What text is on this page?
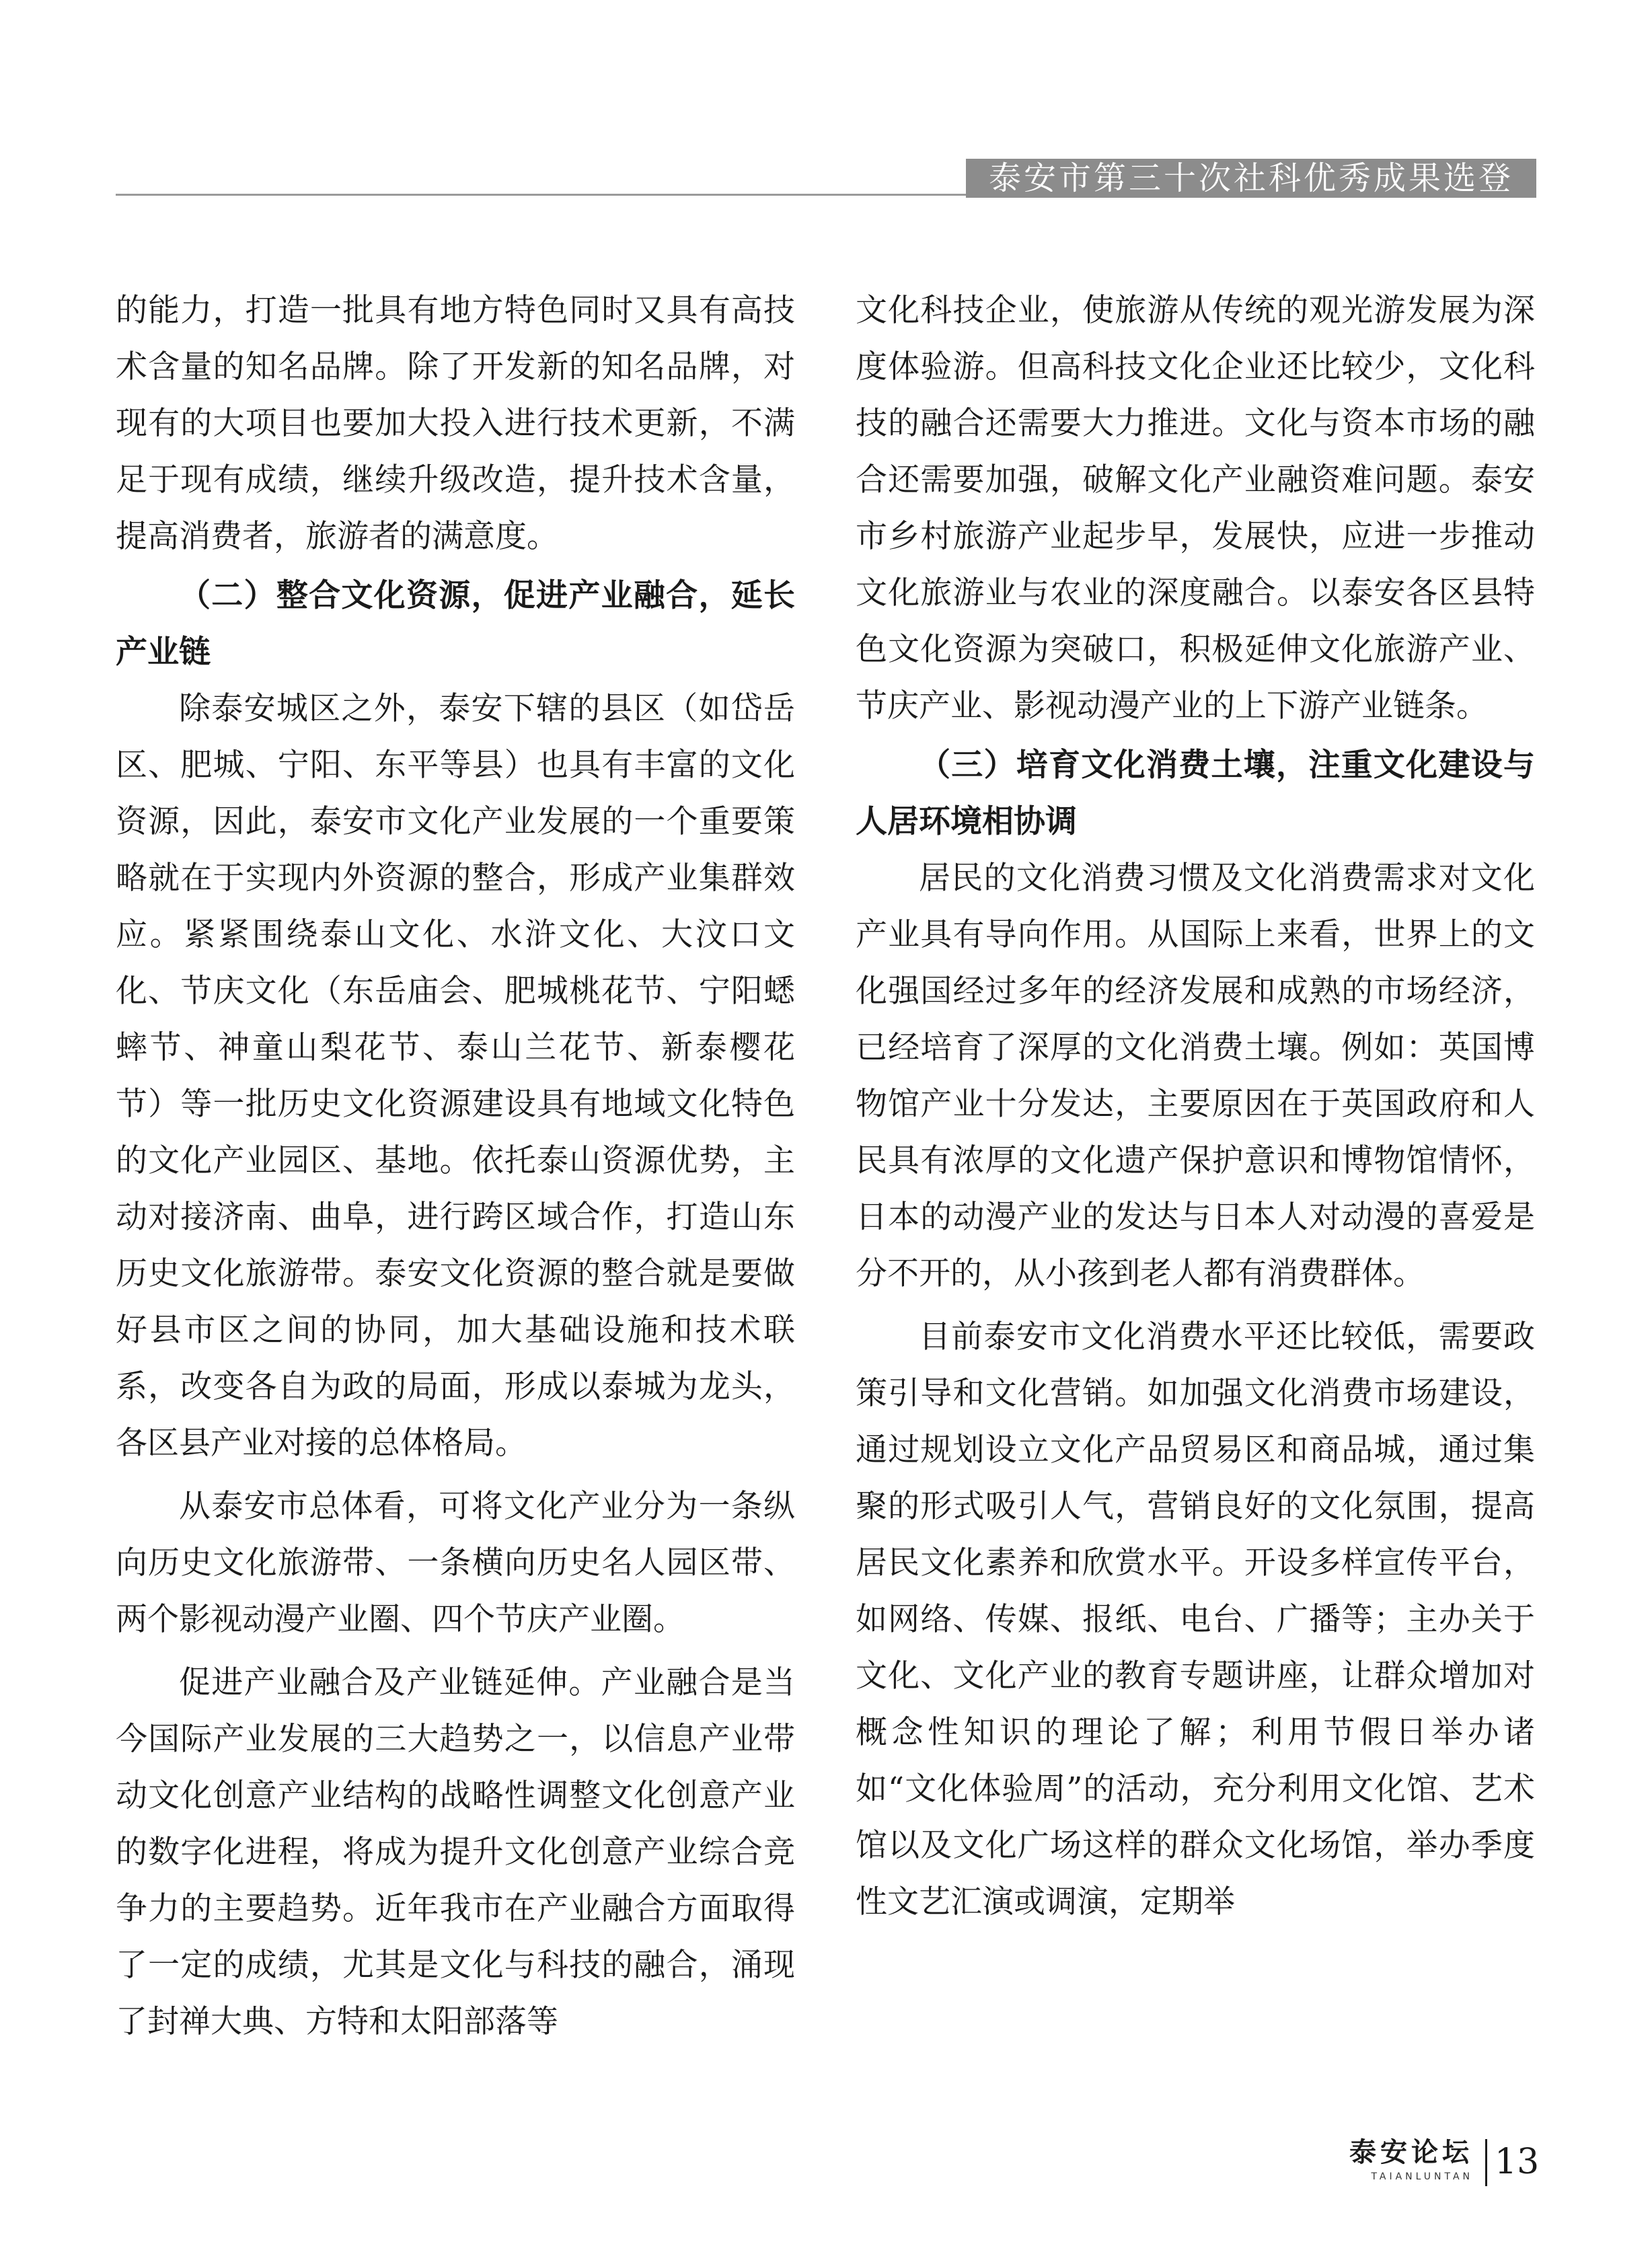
泰安市第三十次社科优秀成果选登

的能力，打造一批具有地方特色同时又具有高技术含量的知名品牌。除了开发新的知名品牌，对现有的大项目也要加大投入进行技术更新，不满足于现有成绩，继续升级改造，提升技术含量，提高消费者，旅游者的满意度。

（二）整合文化资源，促进产业融合，延长产业链

除泰安城区之外，泰安下辖的县区（如岱岳区、肥城、宁阳、东平等县）也具有丰富的文化资源，因此，泰安市文化产业发展的一个重要策略就在于实现内外资源的整合，形成产业集群效应。紧紧围绕泰山文化、水浒文化、大汶口文化、节庆文化（东岳庙会、肥城桃花节、宁阳蟋蟀节、神童山梨花节、泰山兰花节、新泰樱花节）等一批历史文化资源建设具有地域文化特色的文化产业园区、基地。依托泰山资源优势，主动对接济南、曲阜，进行跨区域合作，打造山东历史文化旅游带。泰安文化资源的整合就是要做好县市区之间的协同，加大基础设施和技术联系，改变各自为政的局面，形成以泰城为龙头，各区县产业对接的总体格局。

从泰安市总体看，可将文化产业分为一条纵向历史文化旅游带、一条横向历史名人园区带、两个影视动漫产业圈、四个节庆产业圈。

促进产业融合及产业链延伸。产业融合是当今国际产业发展的三大趋势之一，以信息产业带动文化创意产业结构的战略性调整文化创意产业的数字化进程，将成为提升文化创意产业综合竞争力的主要趋势。近年我市在产业融合方面取得了一定的成绩，尤其是文化与科技的融合，涌现了封禅大典、方特和太阳部落等

文化科技企业，使旅游从传统的观光游发展为深度体验游。但高科技文化企业还比较少，文化科技的融合还需要大力推进。文化与资本市场的融合还需要加强，破解文化产业融资难问题。泰安市乡村旅游产业起步早，发展快，应进一步推动文化旅游业与农业的深度融合。以泰安各区县特色文化资源为突破口，积极延伸文化旅游产业、节庆产业、影视动漫产业的上下游产业链条。

（三）培育文化消费土壤，注重文化建设与人居环境相协调

居民的文化消费习惯及文化消费需求对文化产业具有导向作用。从国际上来看，世界上的文化强国经过多年的经济发展和成熟的市场经济，已经培育了深厚的文化消费土壤。例如：英国博物馆产业十分发达，主要原因在于英国政府和人民具有浓厚的文化遗产保护意识和博物馆情怀，日本的动漫产业的发达与日本人对动漫的喜爱是分不开的，从小孩到老人都有消费群体。

目前泰安市文化消费水平还比较低，需要政策引导和文化营销。如加强文化消费市场建设，通过规划设立文化产品贸易区和商品城，通过集聚的形式吸引人气，营销良好的文化氛围，提高居民文化素养和欣赏水平。开设多样宣传平台，如网络、传媒、报纸、电台、广播等；主办关于文化、文化产业的教育专题讲座，让群众增加对概念性知识的理论了解；利用节假日举办诸如“文化体验周”的活动，充分利用文化馆、艺术馆以及文化广场这样的群众文化场馆，举办季度性文艺汇演或调演，定期举

泰安论坛
TAIANLUNTAN 13
